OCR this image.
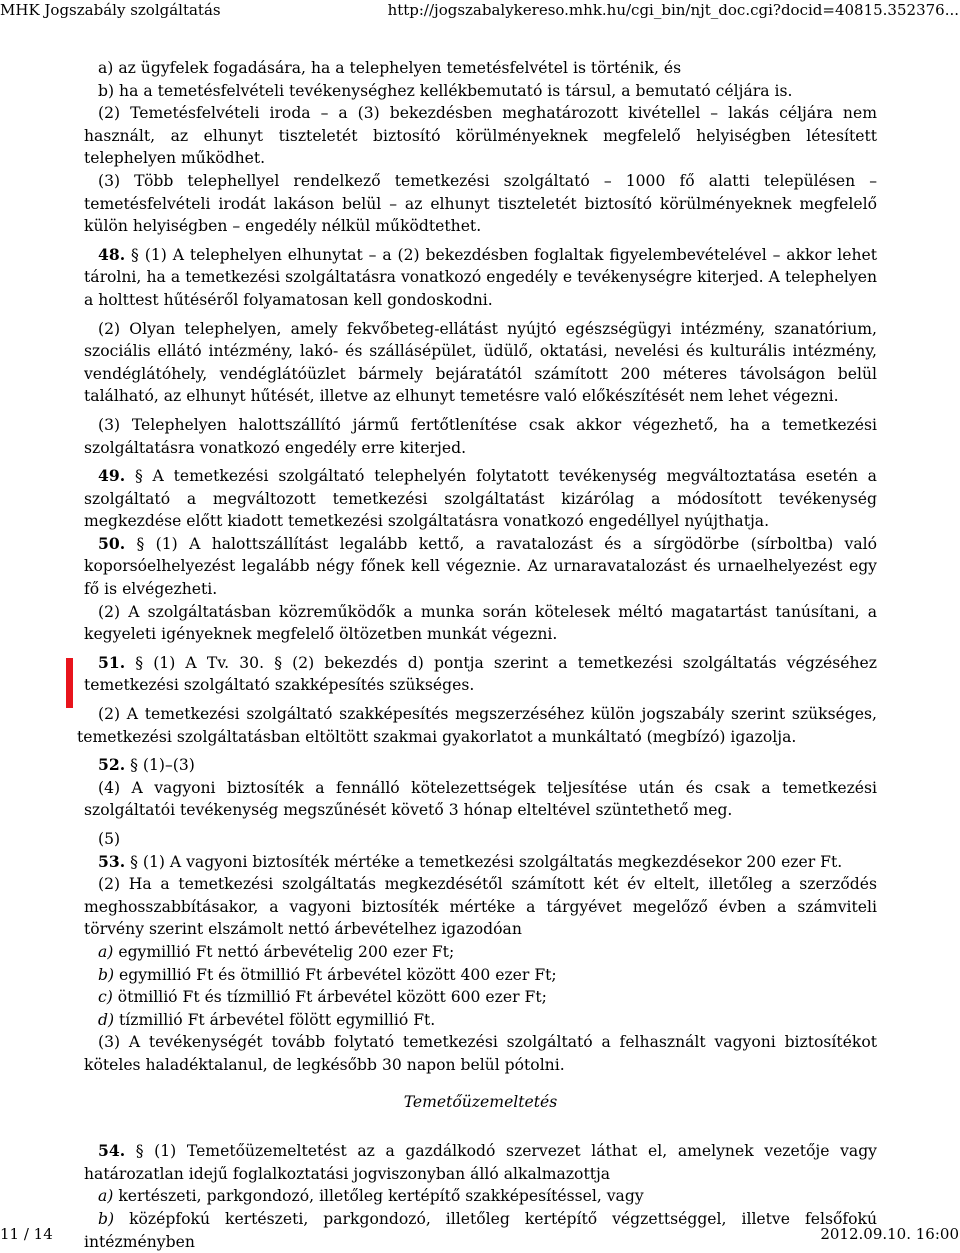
MHK Jogszabály szolgáltatás	http://jogszabalykereso.mhk.hu/cgi_bin/njt_doc.cgi?docid=40815.352376...

a) az ügyfelek fogadására, ha a telephelyen temetésfelvétel is történik, és

b) ha a temetésfelvételi tevékenységhez kellékbemutató is társul, a bemutató céljára is.

(2) Temetésfelvételi iroda – a (3) bekezdésben meghatározott kivétellel – lakás céljára nem használt, az elhunyt tiszteletét biztosító körülményeknek megfelelő helyiségben létesített telephelyen működhet.

(3) Több telephellyel rendelkező temetkezési szolgáltató – 1000 fő alatti településen – temetésfelvételi irodát lakáson belül – az elhunyt tiszteletét biztosító körülményeknek megfelelő külön helyiségben – engedély nélkül működtethet.

48. § (1) A telephelyen elhunytat – a (2) bekezdésben foglaltak figyelembevételével – akkor lehet tárolni, ha a temetkezési szolgáltatásra vonatkozó engedély e tevékenységre kiterjed. A telephelyen a holttest hűtéséről folyamatosan kell gondoskodni.

(2) Olyan telephelyen, amely fekvőbeteg-ellátást nyújtó egészségügyi intézmény, szanatórium, szociális ellátó intézmény, lakó- és szállásépület, üdülő, oktatási, nevelési és kulturális intézmény, vendéglátóhely, vendéglátóüzlet bármely bejáratától számított 200 méteres távolságon belül található, az elhunyt hűtését, illetve az elhunyt temetésre való előkészítését nem lehet végezni.

(3) Telephelyen halottszállító jármű fertőtlenítése csak akkor végezhető, ha a temetkezési szolgáltatásra vonatkozó engedély erre kiterjed.

49. § A temetkezési szolgáltató telephelyén folytatott tevékenység megváltoztatása esetén a szolgáltató a megváltozott temetkezési szolgáltatást kizárólag a módosított tevékenység megkezdése előtt kiadott temetkezési szolgáltatásra vonatkozó engedéllyel nyújthatja.

50. § (1) A halottszállítást legalább kettő, a ravatalozást és a sírgödörbe (sírboltba) való koporsóelhelyezést legalább négy főnek kell végeznie. Az urnaravatalozást és urnaelhelyezést egy fő is elvégezheti.

(2) A szolgáltatásban közreműködők a munka során kötelesek méltó magatartást tanúsítani, a kegyeleti igényeknek megfelelő öltözetben munkát végezni.

51. § (1) A Tv. 30. § (2) bekezdés d) pontja szerint a temetkezési szolgáltatás végzéséhez temetkezési szolgáltató szakképesítés szükséges.

(2) A temetkezési szolgáltató szakképesítés megszerzéséhez külön jogszabály szerint szükséges, temetkezési szolgáltatásban eltöltött szakmai gyakorlatot a munkáltató (megbízó) igazolja.

52. § (1)–(3)

(4) A vagyoni biztosíték a fennálló kötelezettségek teljesítése után és csak a temetkezési szolgáltatói tevékenység megszűnését követő 3 hónap elteltével szüntethető meg.

(5)

53. § (1) A vagyoni biztosíték mértéke a temetkezési szolgáltatás megkezdésekor 200 ezer Ft.

(2) Ha a temetkezési szolgáltatás megkezdésétől számított két év eltelt, illetőleg a szerződés meghosszabbításakor, a vagyoni biztosíték mértéke a tárgyévet megelőző évben a számviteli törvény szerint elszámolt nettó árbevételhez igazodóan

a) egymillió Ft nettó árbevételig 200 ezer Ft;

b) egymillió Ft és ötmillió Ft árbevétel között 400 ezer Ft;

c) ötmillió Ft és tízmillió Ft árbevétel között 600 ezer Ft;

d) tízmillió Ft árbevétel fölött egymillió Ft.

(3) A tevékenységét tovább folytató temetkezési szolgáltató a felhasznált vagyoni biztosítékot köteles haladéktalanul, de legkésőbb 30 napon belül pótolni.

Temetőüzemeltetés

54. § (1) Temetőüzemeltetést az a gazdálkodó szervezet láthat el, amelynek vezetője vagy határozatlan idejű foglalkoztatási jogviszonyban álló alkalmazottja

a) kertészeti, parkgondozó, illetőleg kertépítő szakképesítéssel, vagy

b) középfokú kertészeti, parkgondozó, illetőleg kertépítő végzettséggel, illetve felsőfokú intézményben

11 / 14	2012.09.10. 16:00
